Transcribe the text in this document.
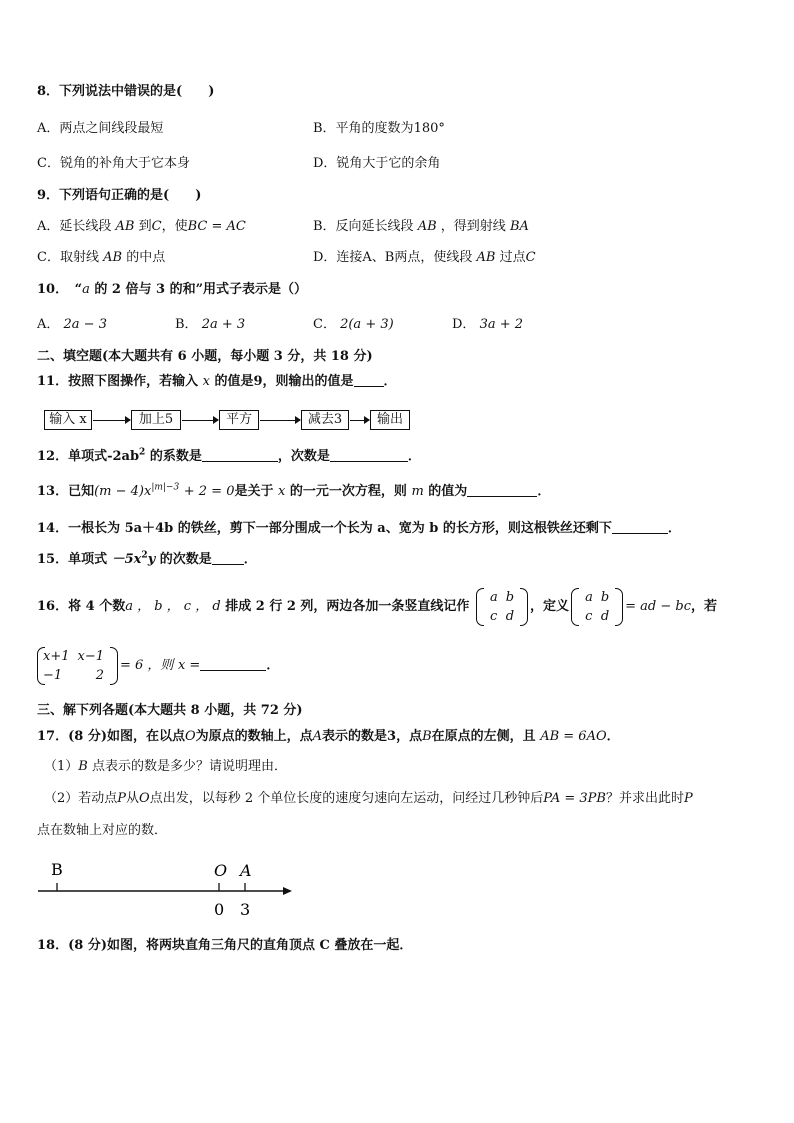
8．下列说法中错误的是(　　)
A．两点之间线段最短	B．平角的度数为180°
C．锐角的补角大于它本身	D．锐角大于它的余角
9．下列语句正确的是(　　)
A．延长线段 AB 到C，使BC = AC	B．反向延长线段 AB ，得到射线 BA
C．取射线 AB 的中点	D．连接A、B两点，使线段 AB 过点C
10．　“a 的 2 倍与 3 的和”用式子表示是（）
A． 2a − 3	B． 2a + 3	C． 2(a + 3)	D． 3a + 2
二、填空题(本大题共有 6 小题，每小题 3 分，共 18 分)
11．按照下图操作，若输入 x 的值是9，则输出的值是 ．
输入 x	加上5	平方	减去3	输出
12．单项式$-2ab^2$ 的系数是	，次数是	．
13．已知$(m - 4)x^{|m|-3} + 2 = 0$是关于 x 的一元一次方程，则 m 的值为	．
14．一根长为 5a＋4b 的铁丝，剪下一部分围成一个长为 a、宽为 b 的长方形，则这根铁丝还剩下	．
15．单项式 $-5x^2y$ 的次数是 ．
16．将 4 个数a ， b ， c ， d 排成 2 行 2 列，两边各加一条竖直线记作
a	b
c	d
，定义
a	b
c	d
= ad − bc，若
x+1	x−1
−1	2
= 6 ，则 x =	．
三、解下列各题(本大题共 8 小题，共 72 分)
17．(8 分)如图，在以点O为原点的数轴上，点A表示的数是3，点B在原点的左侧，且 AB = 6AO．
（1）B 点表示的数是多少？请说明理由．
（2）若动点P从O点出发，以每秒 2 个单位长度的速度匀速向左运动，问经过几秒钟后PA = 3PB？并求出此时P
点在数轴上对应的数．
B	O A
0 3
18．(8 分)如图，将两块直角三角尺的直角顶点 C 叠放在一起．
